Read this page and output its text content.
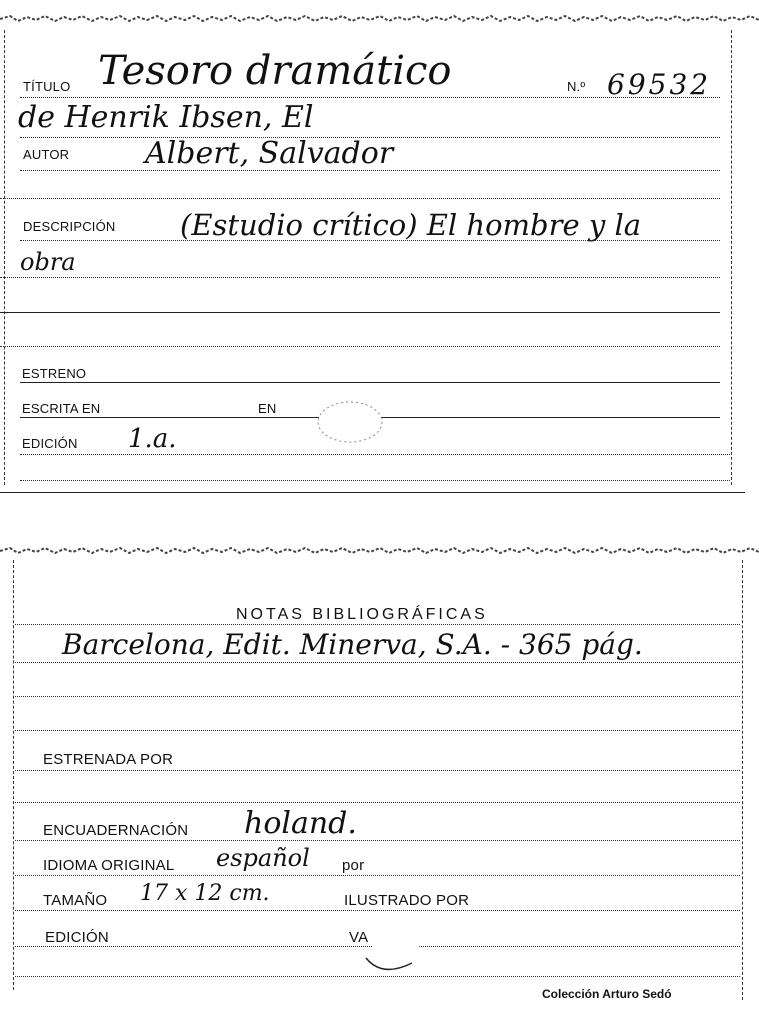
TÍTULO Tesoro dramático	N.º 69532
de Henrik Ibsen, El
AUTOR	Albert, Salvador
DESCRIPCIÓN (Estudio crítico) El hombre y la
obra
ESTRENO
ESCRITA EN	EN
EDICIÓN 1.a.
NOTAS BIBLIOGRÁFICAS
Barcelona, Edit. Minerva, S.A. - 365 pág.
ESTRENADA POR
ENCUADERNACIÓN holand.
IDIOMA ORIGINAL español por
TAMAÑO 17 x 12 cm.	ILUSTRADO POR
EDICIÓN	VA
Colección Arturo Sedó
